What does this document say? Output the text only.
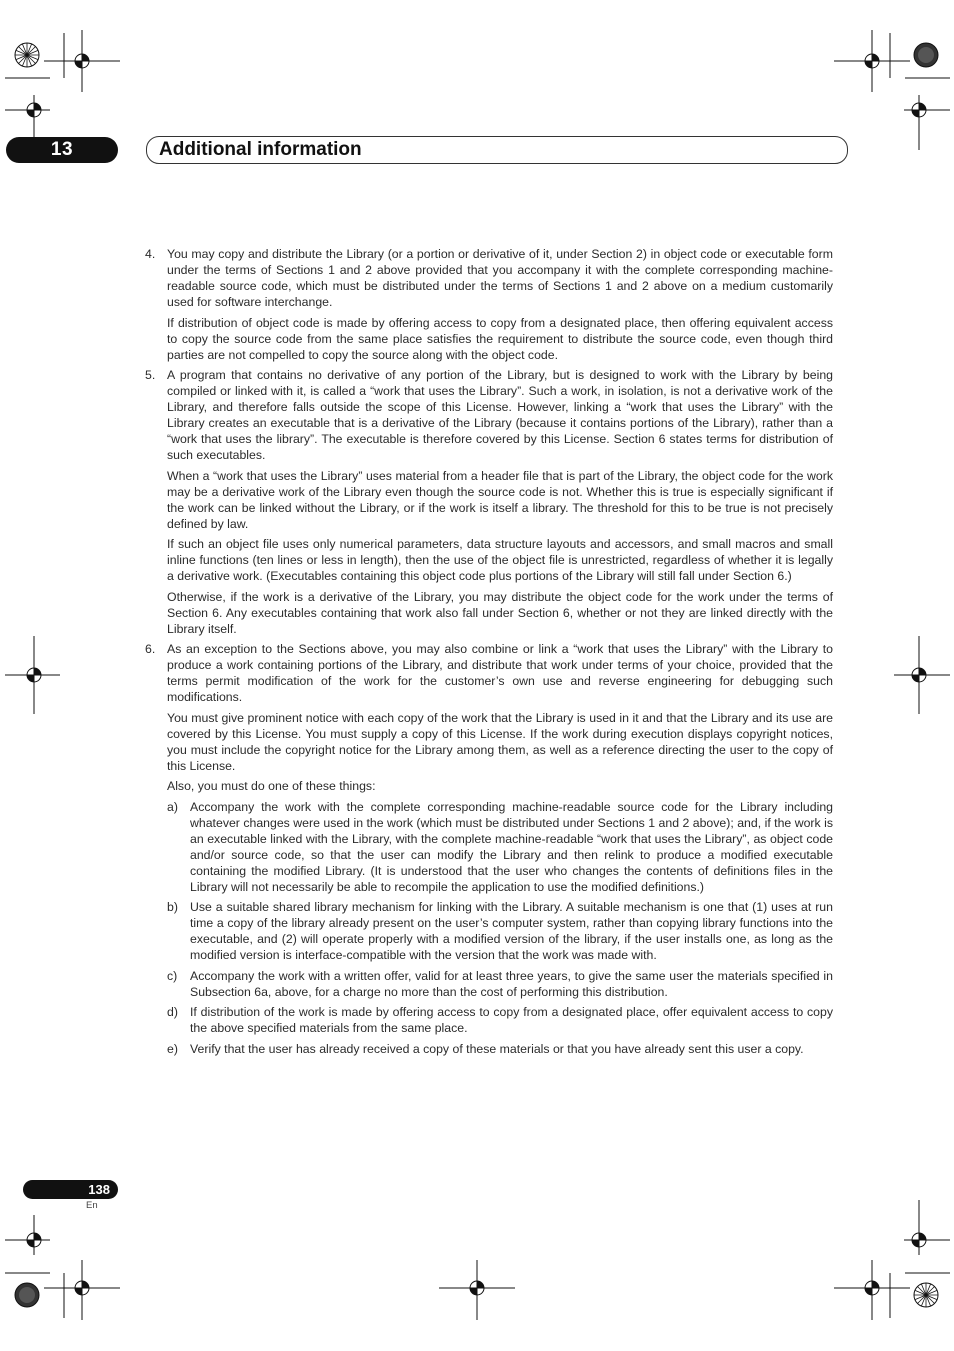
13	Additional information
4. You may copy and distribute the Library (or a portion or derivative of it, under Section 2) in object code or executable form under the terms of Sections 1 and 2 above provided that you accompany it with the complete corresponding machine-readable source code, which must be distributed under the terms of Sections 1 and 2 above on a medium customarily used for software interchange.

If distribution of object code is made by offering access to copy from a designated place, then offering equivalent access to copy the source code from the same place satisfies the requirement to distribute the source code, even though third parties are not compelled to copy the source along with the object code.

5. A program that contains no derivative of any portion of the Library, but is designed to work with the Library by being compiled or linked with it, is called a “work that uses the Library”. Such a work, in isolation, is not a derivative work of the Library, and therefore falls outside the scope of this License. However, linking a “work that uses the Library” with the Library creates an executable that is a derivative of the Library (because it contains portions of the Library), rather than a “work that uses the library”. The executable is therefore covered by this License. Section 6 states terms for distribution of such executables.

When a “work that uses the Library” uses material from a header file that is part of the Library, the object code for the work may be a derivative work of the Library even though the source code is not. Whether this is true is especially significant if the work can be linked without the Library, or if the work is itself a library. The threshold for this to be true is not precisely defined by law.

If such an object file uses only numerical parameters, data structure layouts and accessors, and small macros and small inline functions (ten lines or less in length), then the use of the object file is unrestricted, regardless of whether it is legally a derivative work. (Executables containing this object code plus portions of the Library will still fall under Section 6.)

Otherwise, if the work is a derivative of the Library, you may distribute the object code for the work under the terms of Section 6. Any executables containing that work also fall under Section 6, whether or not they are linked directly with the Library itself.

6. As an exception to the Sections above, you may also combine or link a “work that uses the Library” with the Library to produce a work containing portions of the Library, and distribute that work under terms of your choice, provided that the terms permit modification of the work for the customer’s own use and reverse engineering for debugging such modifications.

You must give prominent notice with each copy of the work that the Library is used in it and that the Library and its use are covered by this License. You must supply a copy of this License. If the work during execution displays copyright notices, you must include the copyright notice for the Library among them, as well as a reference directing the user to the copy of this License.

Also, you must do one of these things:

a) Accompany the work with the complete corresponding machine-readable source code for the Library including whatever changes were used in the work (which must be distributed under Sections 1 and 2 above); and, if the work is an executable linked with the Library, with the complete machine-readable “work that uses the Library”, as object code and/or source code, so that the user can modify the Library and then relink to produce a modified executable containing the modified Library. (It is understood that the user who changes the contents of definitions files in the Library will not necessarily be able to recompile the application to use the modified definitions.)

b) Use a suitable shared library mechanism for linking with the Library. A suitable mechanism is one that (1) uses at run time a copy of the library already present on the user’s computer system, rather than copying library functions into the executable, and (2) will operate properly with a modified version of the library, if the user installs one, as long as the modified version is interface-compatible with the version that the work was made with.

c)	Accompany the work with a written offer, valid for at least three years, to give the same user the materials specified in Subsection 6a, above, for a charge no more than the cost of performing this distribution.

d) If distribution of the work is made by offering access to copy from a designated place, offer equivalent access to copy the above specified materials from the same place.

e) Verify that the user has already received a copy of these materials or that you have already sent this user a copy.

138
En
